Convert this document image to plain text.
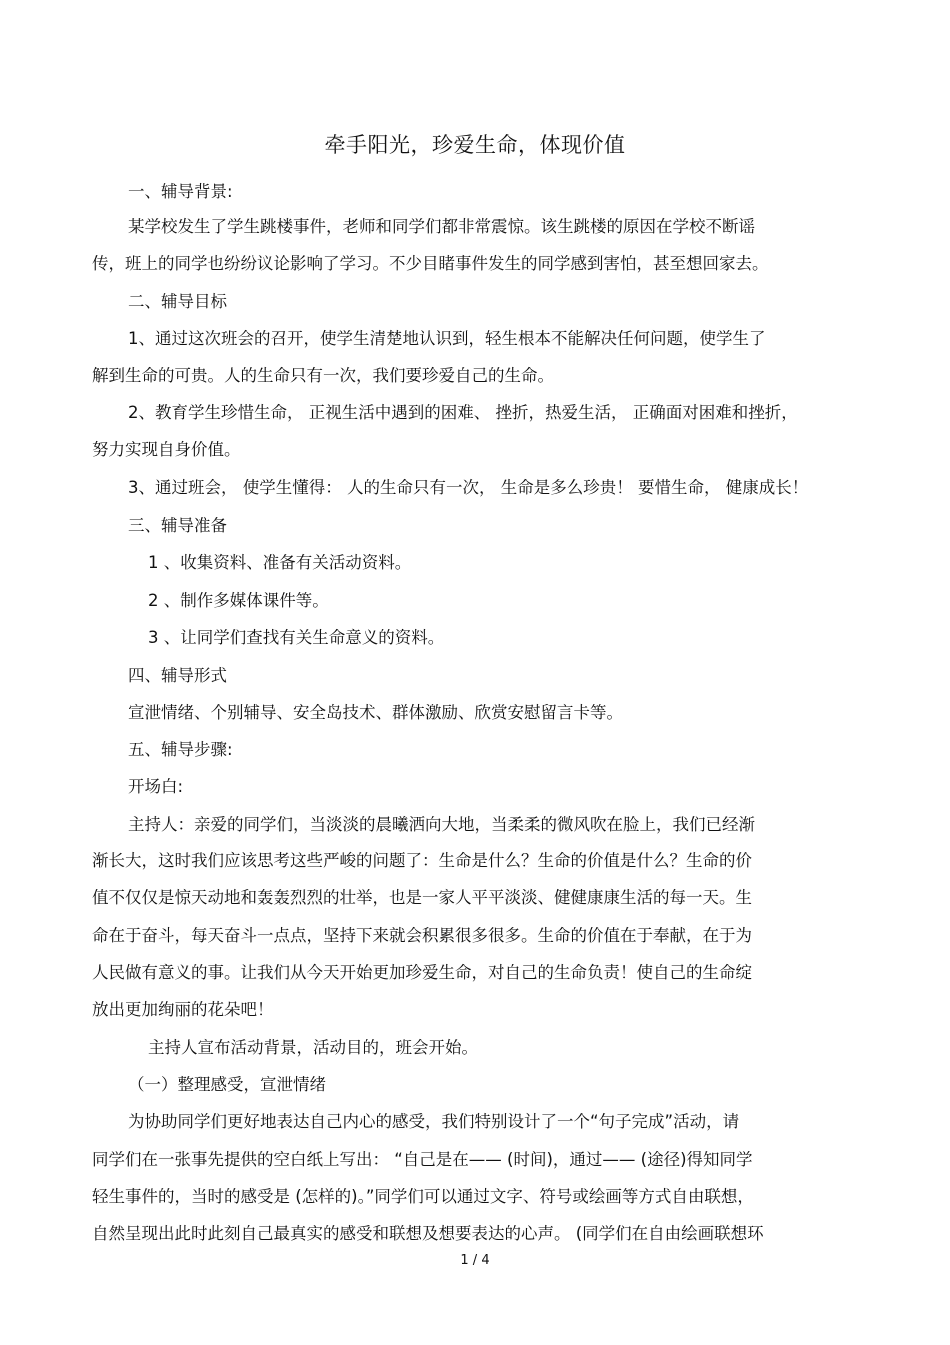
牵手阳光，珍爱生命，体现价值
一、辅导背景:
某学校发生了学生跳楼事件，老师和同学们都非常震惊。该生跳楼的原因在学校不断谣
传，班上的同学也纷纷议论影响了学习。不少目睹事件发生的同学感到害怕，甚至想回家去。
二、辅导目标
1、通过这次班会的召开，使学生清楚地认识到，轻生根本不能解决任何问题，使学生了
解到生命的可贵。人的生命只有一次，我们要珍爱自己的生命。
2、教育学生珍惜生命， 正视生活中遇到的困难、 挫折，热爱生活， 正确面对困难和挫折，
努力实现自身价值。
3、通过班会， 使学生懂得： 人的生命只有一次， 生命是多么珍贵！ 要惜生命， 健康成长！
三、辅导准备
1 、收集资料、准备有关活动资料。
2 、制作多媒体课件等。
3 、让同学们查找有关生命意义的资料。
四、辅导形式
宣泄情绪、个别辅导、安全岛技术、群体激励、欣赏安慰留言卡等。
五、辅导步骤:
开场白:
主持人：亲爱的同学们，当淡淡的晨曦洒向大地，当柔柔的微风吹在脸上，我们已经渐
渐长大，这时我们应该思考这些严峻的问题了：生命是什么？生命的价值是什么？生命的价
值不仅仅是惊天动地和轰轰烈烈的壮举，也是一家人平平淡淡、健健康康生活的每一天。生
命在于奋斗，每天奋斗一点点，坚持下来就会积累很多很多。生命的价值在于奉献，在于为
人民做有意义的事。让我们从今天开始更加珍爱生命，对自己的生命负责！使自己的生命绽
放出更加绚丽的花朵吧！
主持人宣布活动背景，活动目的，班会开始。
（一）整理感受，宣泄情绪
为协助同学们更好地表达自己内心的感受，我们特别设计了一个“句子完成”活动，请
同学们在一张事先提供的空白纸上写出： “自己是在—— (时间)，通过—— (途径)得知同学
轻生事件的，当时的感受是 (怎样的)。”同学们可以通过文字、符号或绘画等方式自由联想，
自然呈现出此时此刻自己最真实的感受和联想及想要表达的心声。 (同学们在自由绘画联想环
1 / 4
